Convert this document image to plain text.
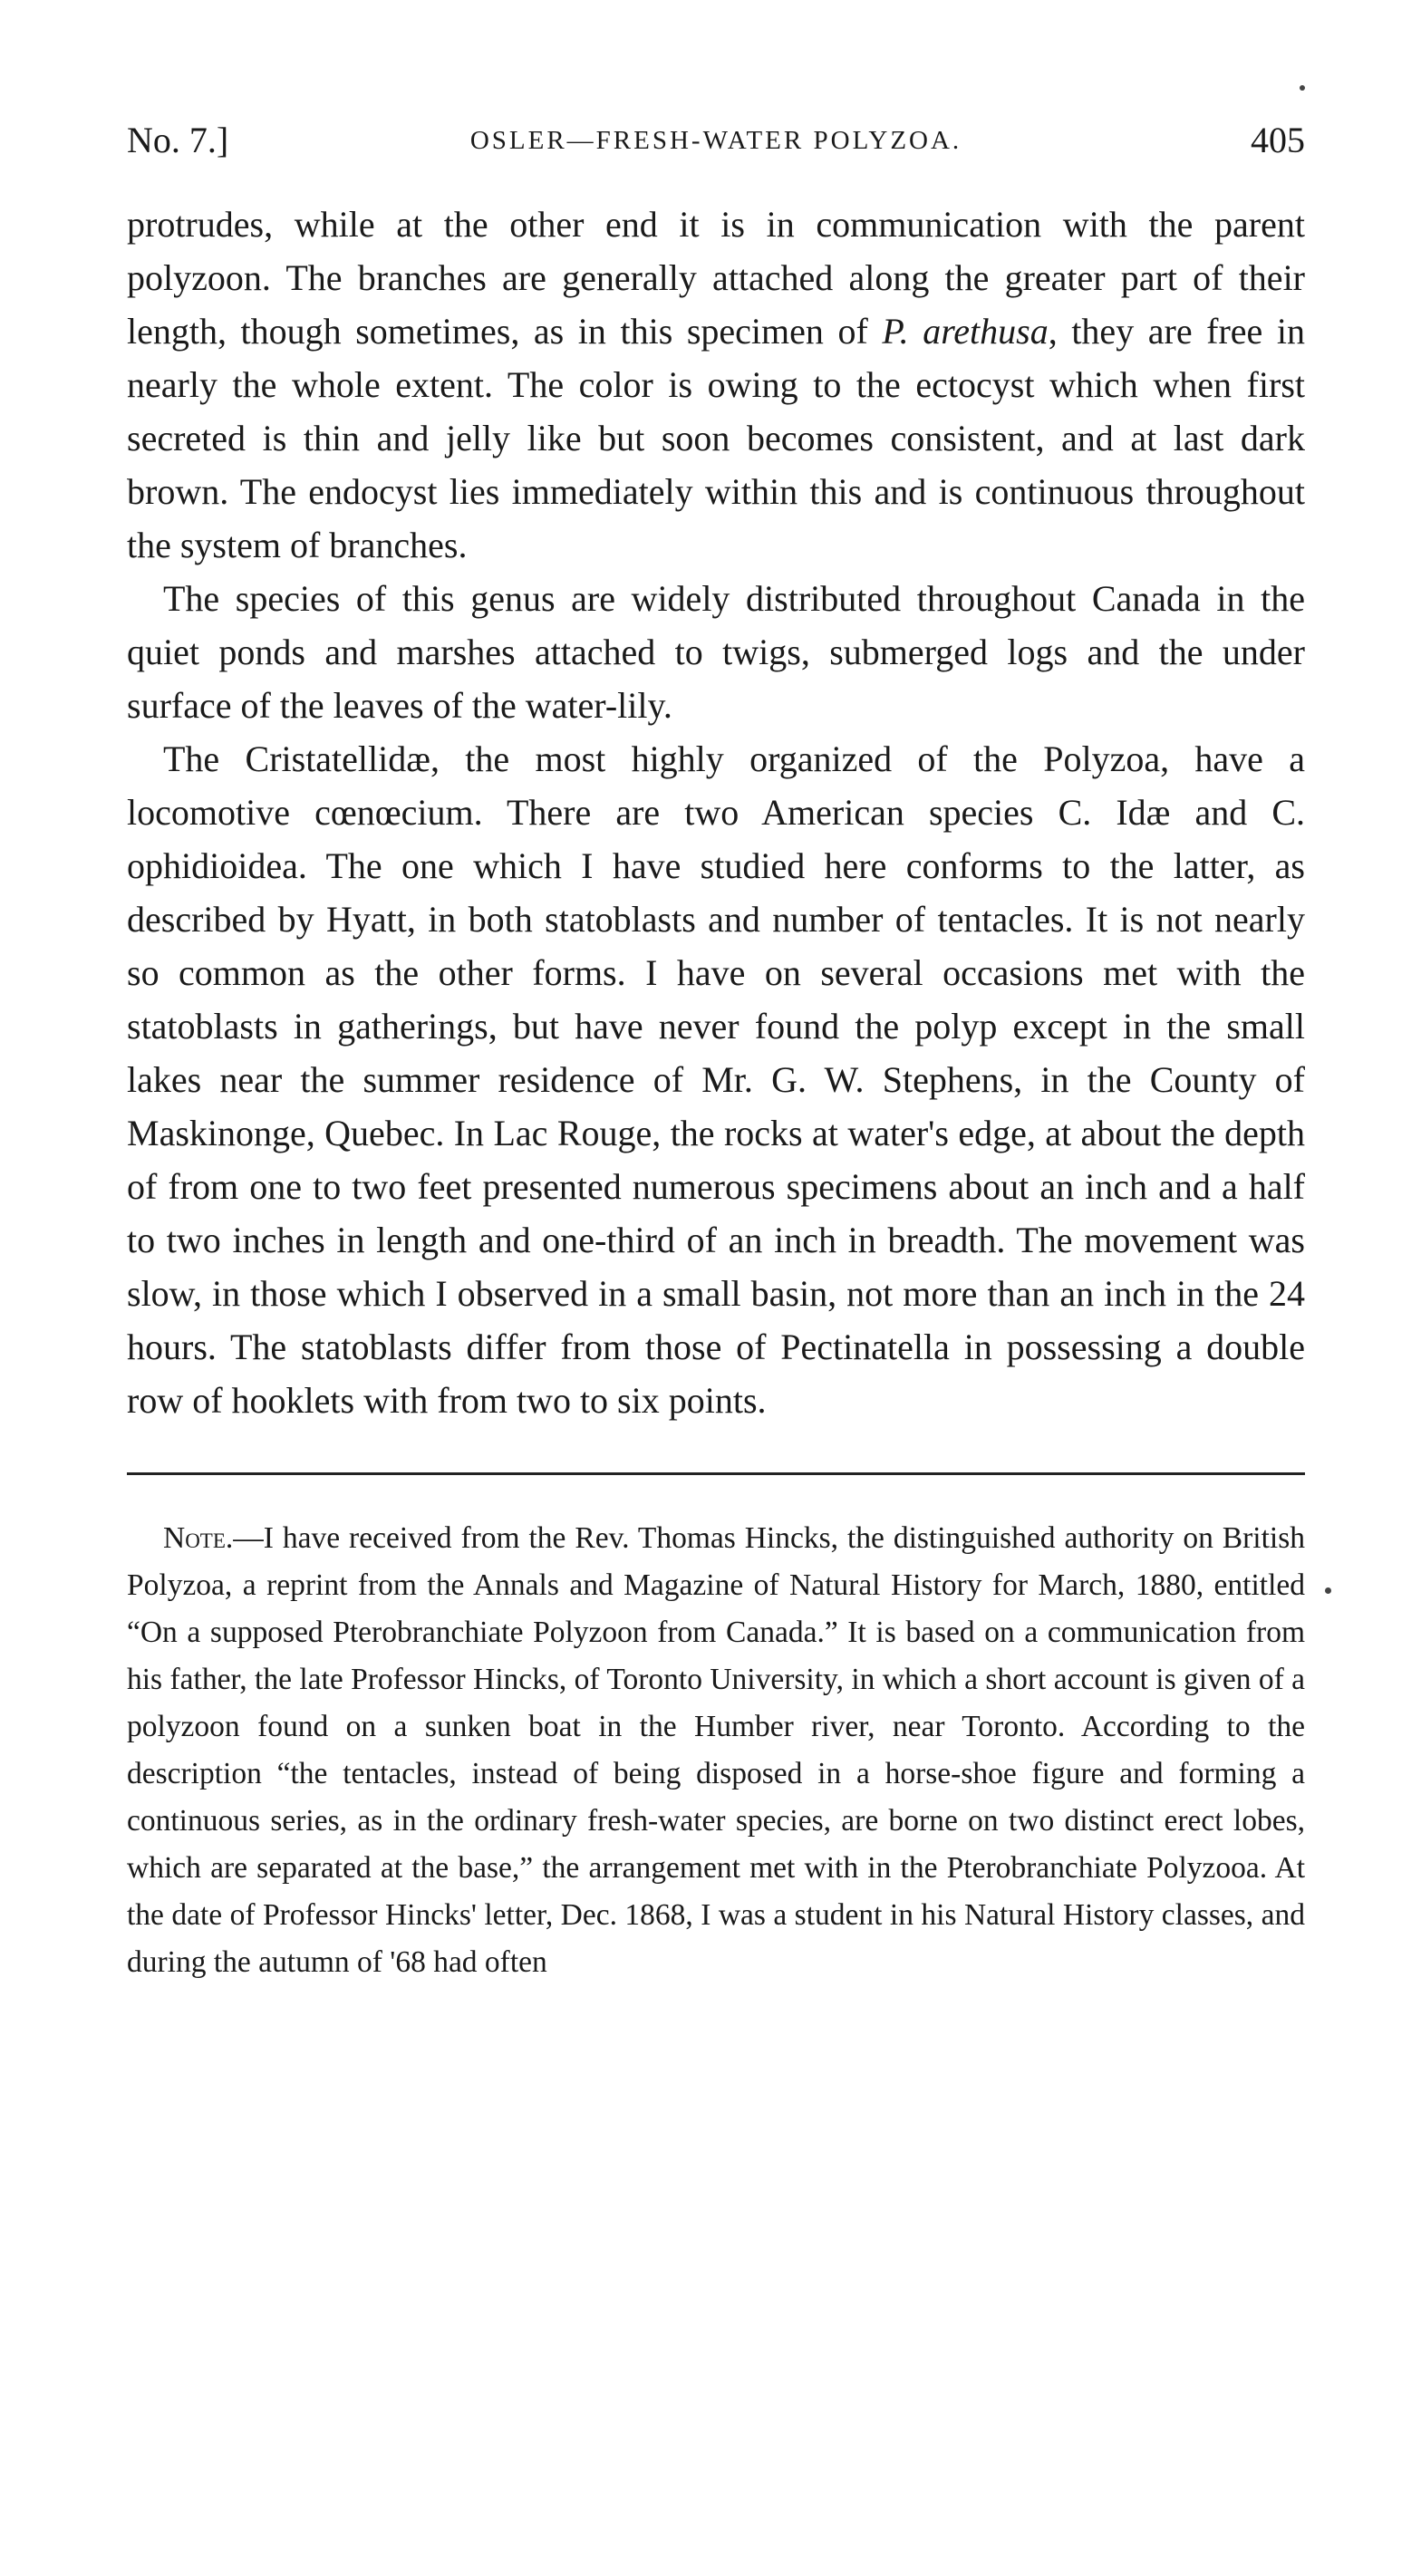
No. 7.]	OSLER—FRESH-WATER POLYZOA.	405

protrudes, while at the other end it is in communication with the parent polyzoon. The branches are generally attached along the greater part of their length, though sometimes, as in this specimen of P. arethusa, they are free in nearly the whole extent. The color is owing to the ectocyst which when first secreted is thin and jelly like but soon becomes consistent, and at last dark brown. The endocyst lies immediately within this and is continuous throughout the system of branches.

The species of this genus are widely distributed throughout Canada in the quiet ponds and marshes attached to twigs, submerged logs and the under surface of the leaves of the water-lily.

The Cristatellidæ, the most highly organized of the Polyzoa, have a locomotive cœnœcium. There are two American species C. Idæ and C. ophidioidea. The one which I have studied here conforms to the latter, as described by Hyatt, in both statoblasts and number of tentacles. It is not nearly so common as the other forms. I have on several occasions met with the statoblasts in gatherings, but have never found the polyp except in the small lakes near the summer residence of Mr. G. W. Stephens, in the County of Maskinonge, Quebec. In Lac Rouge, the rocks at water's edge, at about the depth of from one to two feet presented numerous specimens about an inch and a half to two inches in length and one-third of an inch in breadth. The movement was slow, in those which I observed in a small basin, not more than an inch in the 24 hours. The statoblasts differ from those of Pectinatella in possessing a double row of hooklets with from two to six points.

Note.—I have received from the Rev. Thomas Hincks, the distinguished authority on British Polyzoa, a reprint from the Annals and Magazine of Natural History for March, 1880, entitled “On a supposed Pterobranchiate Polyzoon from Canada.” It is based on a communication from his father, the late Professor Hincks, of Toronto University, in which a short account is given of a polyzoon found on a sunken boat in the Humber river, near Toronto. According to the description “the tentacles, instead of being disposed in a horse-shoe figure and forming a continuous series, as in the ordinary fresh-water species, are borne on two distinct erect lobes, which are separated at the base,” the arrangement met with in the Pterobranchiate Polyzooa. At the date of Professor Hincks' letter, Dec. 1868, I was a student in his Natural History classes, and during the autumn of '68 had often
